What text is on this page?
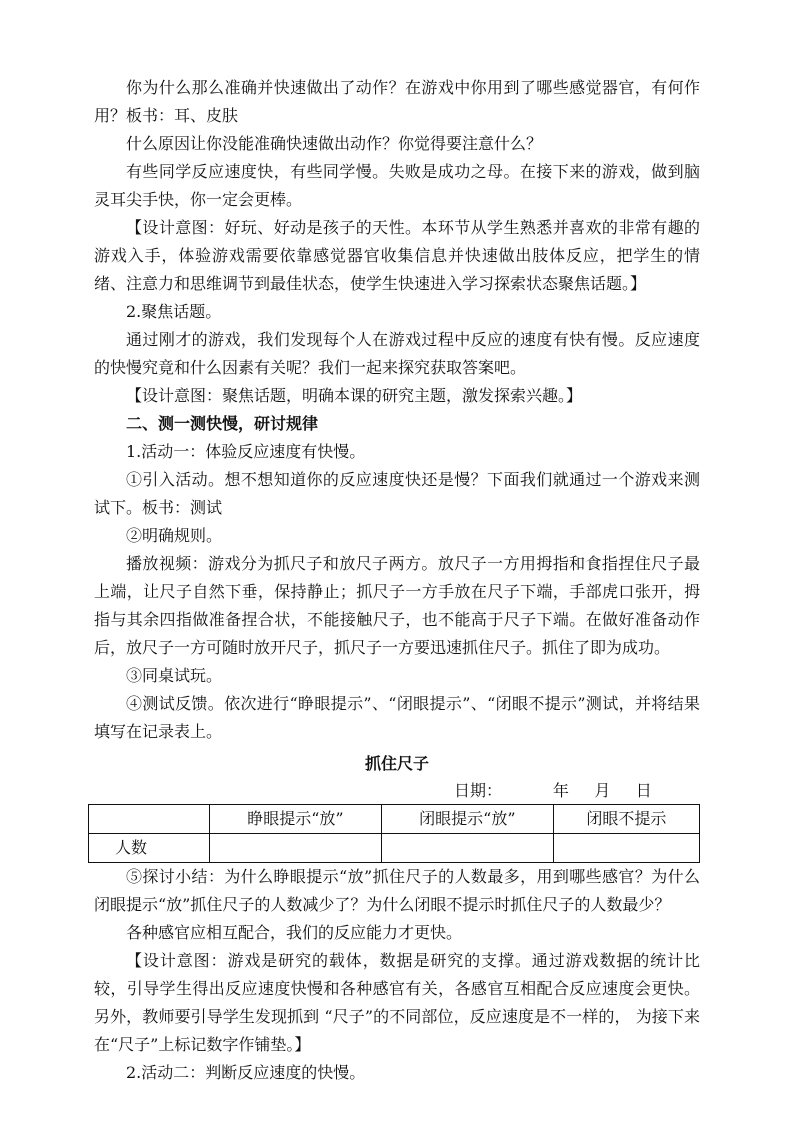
你为什么那么准确并快速做出了动作？在游戏中你用到了哪些感觉器官，有何作用？板书：耳、皮肤

什么原因让你没能准确快速做出动作？你觉得要注意什么？

有些同学反应速度快，有些同学慢。失败是成功之母。在接下来的游戏，做到脑灵耳尖手快，你一定会更棒。

【设计意图：好玩、好动是孩子的天性。本环节从学生熟悉并喜欢的非常有趣的游戏入手，体验游戏需要依靠感觉器官收集信息并快速做出肢体反应，把学生的情绪、注意力和思维调节到最佳状态，使学生快速进入学习探索状态聚焦话题。】

2.聚焦话题。

通过刚才的游戏，我们发现每个人在游戏过程中反应的速度有快有慢。反应速度的快慢究竟和什么因素有关呢？我们一起来探究获取答案吧。

【设计意图：聚焦话题，明确本课的研究主题，激发探索兴趣。】

二、测一测快慢，研讨规律

1.活动一：体验反应速度有快慢。

①引入活动。想不想知道你的反应速度快还是慢？下面我们就通过一个游戏来测试下。板书：测试

②明确规则。

播放视频：游戏分为抓尺子和放尺子两方。放尺子一方用拇指和食指捏住尺子最上端，让尺子自然下垂，保持静止；抓尺子一方手放在尺子下端，手部虎口张开，拇指与其余四指做准备捏合状，不能接触尺子，也不能高于尺子下端。在做好准备动作后，放尺子一方可随时放开尺子，抓尺子一方要迅速抓住尺子。抓住了即为成功。

③同桌试玩。

④测试反馈。依次进行“睁眼提示”、“闭眼提示”、“闭眼不提示”测试，并将结果填写在记录表上。

抓住尺子

日期：	年 月 日

	睁眼提示“放”	闭眼提示“放”	闭眼不提示
人数			

⑤探讨小结：为什么睁眼提示“放”抓住尺子的人数最多，用到哪些感官？为什么闭眼提示“放”抓住尺子的人数减少了？为什么闭眼不提示时抓住尺子的人数最少？

各种感官应相互配合，我们的反应能力才更快。

【设计意图：游戏是研究的载体，数据是研究的支撑。通过游戏数据的统计比较，引导学生得出反应速度快慢和各种感官有关，各感官互相配合反应速度会更快。另外，教师要引导学生发现抓到 “尺子”的不同部位，反应速度是不一样的， 为接下来在“尺子”上标记数字作铺垫。】

2.活动二：判断反应速度的快慢。
